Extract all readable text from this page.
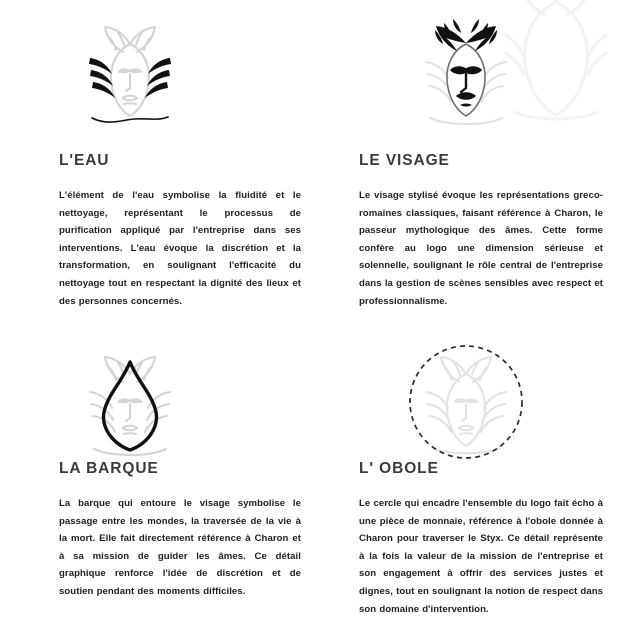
L'EAU
L'élément de l'eau symbolise la fluidité et le nettoyage, représentant le processus de purification appliqué par l'entreprise dans ses interventions. L'eau évoque la discrétion et la transformation, en soulignant l'efficacité du nettoyage tout en respectant la dignité des lieux et des personnes concernés.
LE VISAGE
Le visage stylisé évoque les représentations greco-romaines classiques, faisant référence à Charon, le passeur mythologique des âmes. Cette forme confère au logo une dimension sérieuse et solennelle, soulignant le rôle central de l'entreprise dans la gestion de scènes sensibles avec respect et professionnalisme.
LA BARQUE
La barque qui entoure le visage symbolise le passage entre les mondes, la traversée de la vie à la mort. Elle fait directement référence à Charon et à sa mission de guider les âmes. Ce détail graphique renforce l'idée de discrétion et de soutien pendant des moments difficiles.
L' OBOLE
Le cercle qui encadre l'ensemble du logo fait écho à une pièce de monnaie, référence à l'obole donnée à Charon pour traverser le Styx. Ce détail représente à la fois la valeur de la mission de l'entreprise et son engagement à offrir des services justes et dignes, tout en soulignant la notion de respect dans son domaine d'intervention.
